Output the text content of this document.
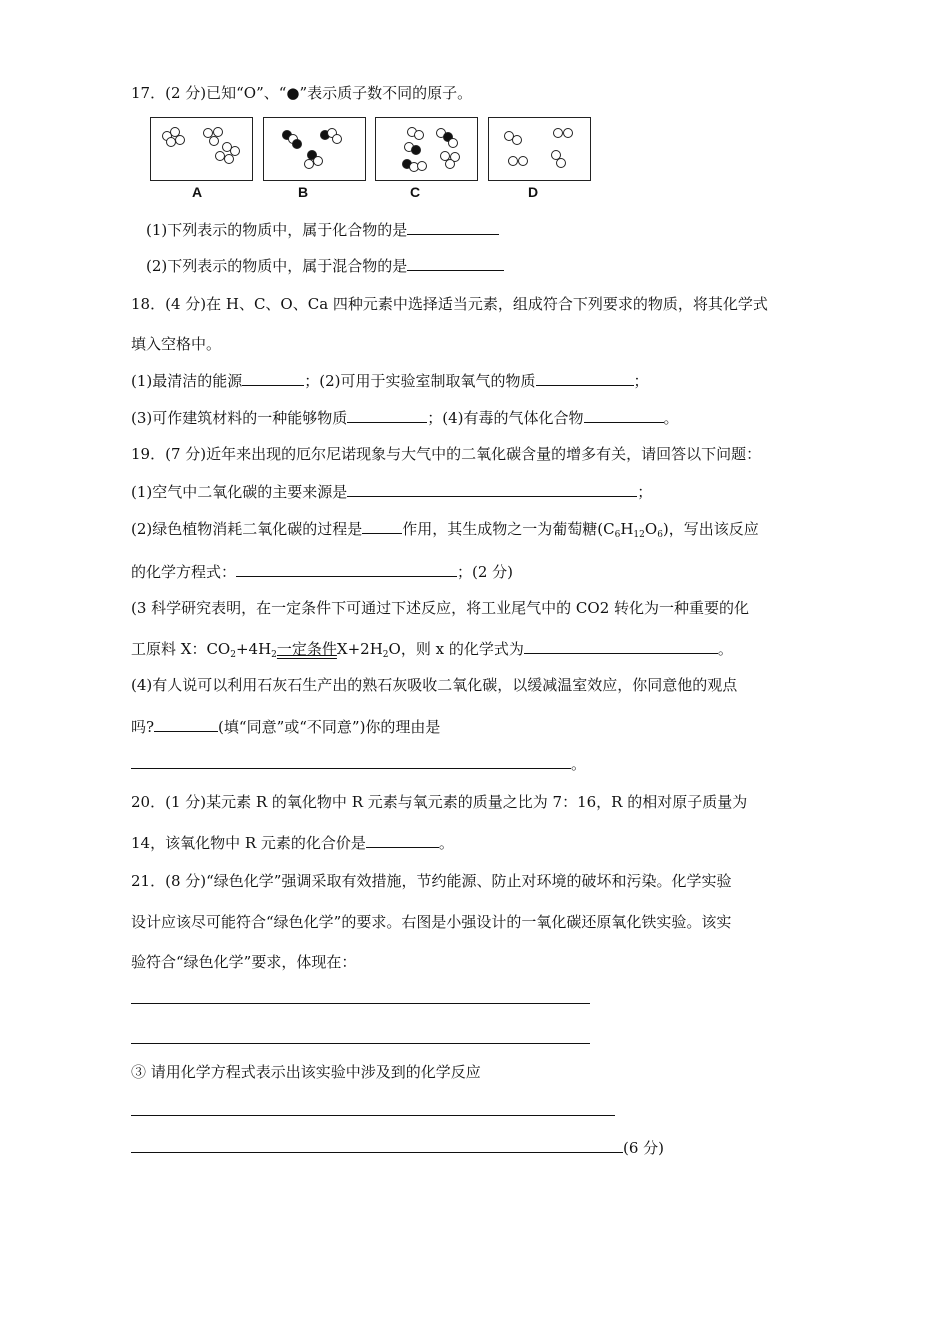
17．(2 分)已知“O”、“●”表示质子数不同的原子。
A	B	C	D
(1)下列表示的物质中，属于化合物的是
(2)下列表示的物质中，属于混合物的是
18．(4 分)在 H、C、O、Ca 四种元素中选择适当元素，组成符合下列要求的物质，将其化学式
填入空格中。
(1)最清洁的能源	；(2)可用于实验室制取氧气的物质	；
(3)可作建筑材料的一种能够物质	；(4)有毒的气体化合物	。
19．(7 分)近年来出现的厄尔尼诺现象与大气中的二氧化碳含量的增多有关，请回答以下问题：
(1)空气中二氧化碳的主要来源是	；
(2)绿色植物消耗二氧化碳的过程是	作用，其生成物之一为葡萄糖$(C_6H_{12}O_6)$，写出该反应
的化学方程式：	；(2 分)
(3 科学研究表明，在一定条件下可通过下述反应，将工业尾气中的 CO2 转化为一种重要的化
工原料 X：$CO_2+4H_2$一定条件$X+2H_2O$，则 x 的化学式为	。
(4)有人说可以利用石灰石生产出的熟石灰吸收二氧化碳，以缓减温室效应，你同意他的观点
吗?	(填“同意”或“不同意”)你的理由是
。
20．(1 分)某元素 R 的氧化物中 R 元素与氧元素的质量之比为 7：16，R 的相对原子质量为
14，该氧化物中 R 元素的化合价是	。
21．(8 分)“绿色化学”强调采取有效措施，节约能源、防止对环境的破坏和污染。化学实验
设计应该尽可能符合“绿色化学”的要求。右图是小强设计的一氧化碳还原氧化铁实验。该实
验符合“绿色化学”要求，体现在：
③ 请用化学方程式表示出该实验中涉及到的化学反应
(6 分)
